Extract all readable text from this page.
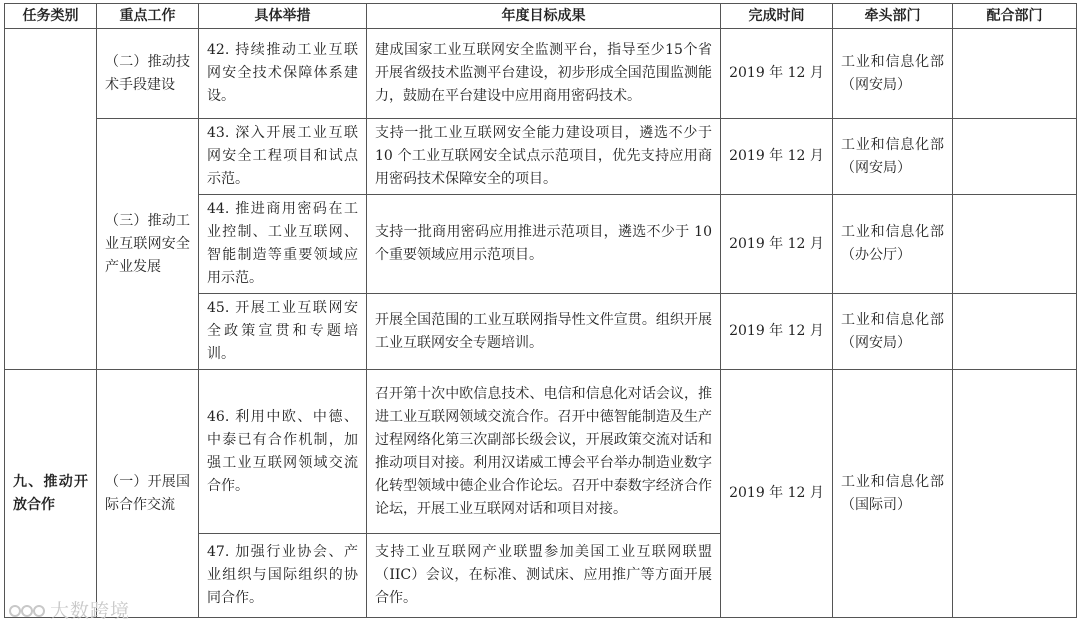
任务类别	重点工作	具体举措	年度目标成果	完成时间	牵头部门	配合部门
	（二）推动技术手段建设	42. 持续推动工业互联网安全技术保障体系建设。	建成国家工业互联网安全监测平台，指导至少15个省开展省级技术监测平台建设，初步形成全国范围监测能力，鼓励在平台建设中应用商用密码技术。	2019 年 12 月	工业和信息化部（网安局）	
	（三）推动工业互联网安全产业发展	43. 深入开展工业互联网安全工程项目和试点示范。	支持一批工业互联网安全能力建设项目，遴选不少于 10 个工业互联网安全试点示范项目，优先支持应用商用密码技术保障安全的项目。	2019 年 12 月	工业和信息化部（网安局）	
		44. 推进商用密码在工业控制、工业互联网、智能制造等重要领域应用示范。	支持一批商用密码应用推进示范项目，遴选不少于 10 个重要领域应用示范项目。	2019 年 12 月	工业和信息化部（办公厅）	
		45. 开展工业互联网安全政策宣贯和专题培训。	开展全国范围的工业互联网指导性文件宣贯。组织开展工业互联网安全专题培训。	2019 年 12 月	工业和信息化部（网安局）	
九、推动开放合作	（一）开展国际合作交流	46. 利用中欧、中德、中泰已有合作机制，加强工业互联网领域交流合作。	召开第十次中欧信息技术、电信和信息化对话会议，推进工业互联网领域交流合作。召开中德智能制造及生产过程网络化第三次副部长级会议，开展政策交流对话和推动项目对接。利用汉诺威工博会平台举办制造业数字化转型领域中德企业合作论坛。召开中泰数字经济合作论坛，开展工业互联网对话和项目对接。	2019 年 12 月	工业和信息化部（国际司）	
		47. 加强行业协会、产业组织与国际组织的协同合作。	支持工业互联网产业联盟参加美国工业互联网联盟（IIC）会议，在标准、测试床、应用推广等方面开展合作。			
大数跨境
